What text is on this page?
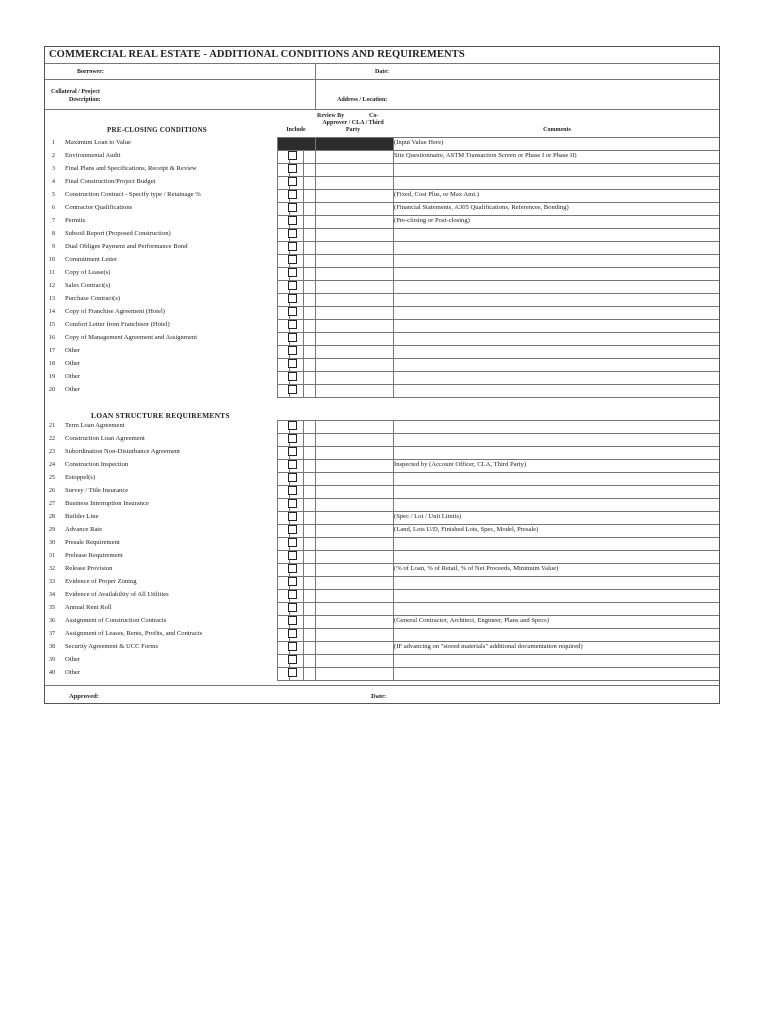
COMMERCIAL REAL ESTATE - ADDITIONAL CONDITIONS AND REQUIREMENTS
Borrower:	Date:
Collateral / Project
Description:	Address / Location:
PRE-CLOSING CONDITIONS	Include
Review By	Co-
Approver / CLA / Third
Party	Comments
1 Maximum Loan to Value	(Input Value Here)
2 Environmental Audit	Site Questionnaire, ASTM Transaction Screen or Phase I or Phase II)
3 Final Plans and Specifications, Receipt & Review
4 Final Construction/Project Budget
5 Construction Contract - Specify type / Retainage %	(Fixed, Cost Plus, or Max Amt.)
6 Contractor Qualifications	(Financial Statements, A305 Qualifications, References, Bonding)
7 Permits	(Pre-closing or Post-closing)
8 Subsoil Report (Proposed Construction)
9 Dual Obligee Payment and Performance Bond
10 Commitment Letter
11 Copy of Lease(s)
12 Sales Contract(s)
13 Purchase Contract(s)
14 Copy of Franchise Agreement (Hotel)
15 Comfort Letter from Franchisor (Hotel)
16 Copy of Management Agreement and Assignment
17 Other
18 Other
19 Other
20 Other
LOAN STRUCTURE REQUIREMENTS
21 Term Loan Agreement
22 Construction Loan Agreement
23 Subordination Non-Disturbance Agreement
24 Construction Inspection	Inspected by (Account Officer, CLA, Third Party)
25 Estoppel(s)
26 Survey / Title Insurance
27 Business Interruption Insurance
28 Builder Line	(Spec / Lot / Unit Limits)
29 Advance Rate	(Land, Lots U/D, Finished Lots, Spec, Model, Presale)
30 Presale Requirement
31 Prelease Requirement
32 Release Provision	(% of Loan, % of Retail, % of Net Proceeds, Minimum Value)
33 Evidence of Proper Zoning
34 Evidence of Availability of All Utilities
35 Annual Rent Roll
36 Assignment of Construction Contracts	(General Contractor, Architect, Engineer, Plans and Specs)
37 Assignment of Leases, Rents, Profits, and Contracts
38 Security Agreement & UCC Forms	(IF advancing on "stored materials" additional documentation required)
39 Other
40 Other
Approved:	Date:
